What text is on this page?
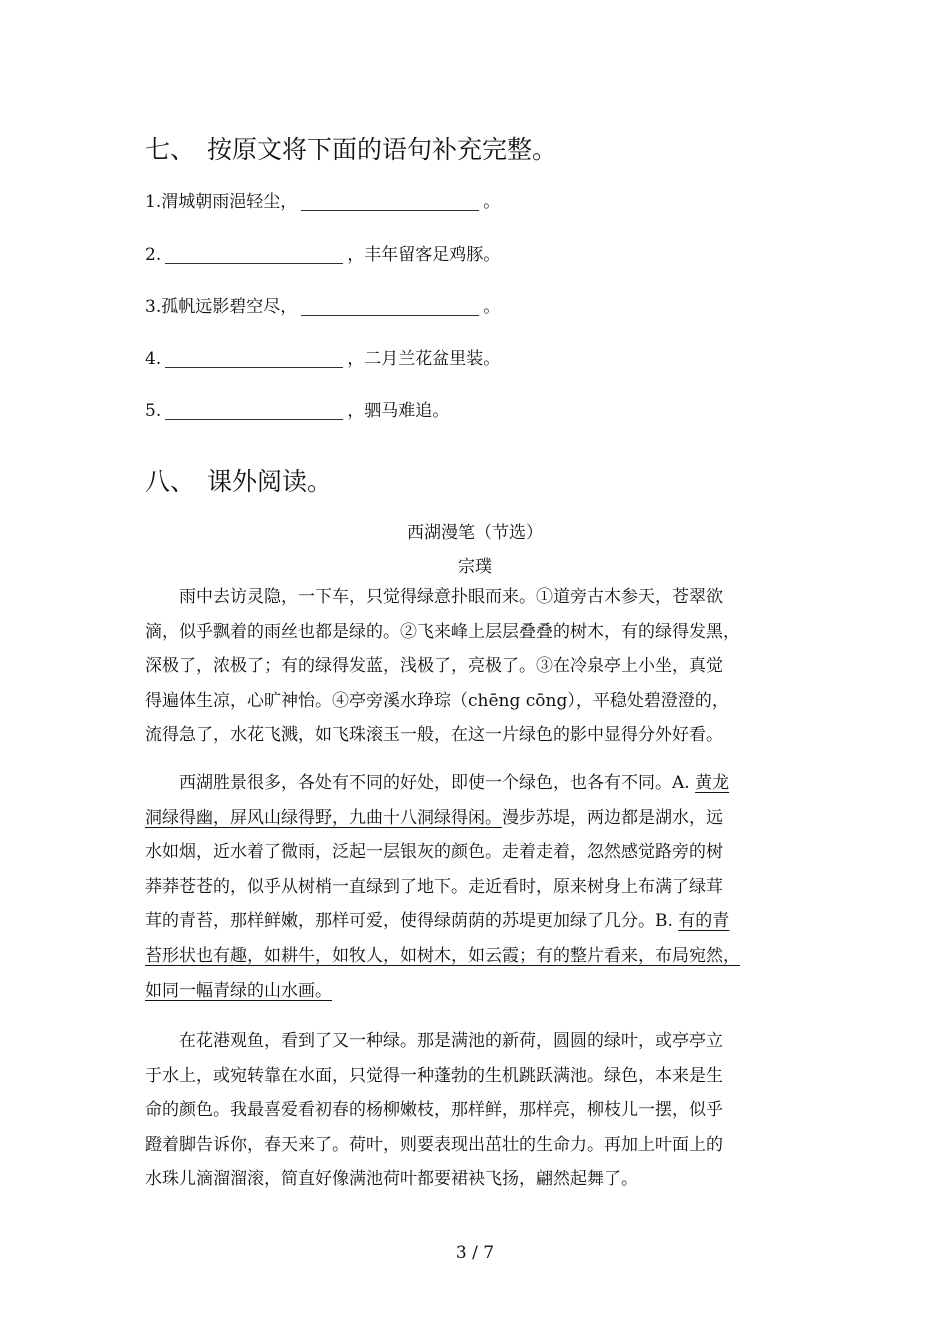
七、 按原文将下面的语句补充完整。
1.渭城朝雨浥轻尘，	。
2.	，丰年留客足鸡豚。
3.孤帆远影碧空尽，	。
4.	，二月兰花盆里装。
5.	，驷马难追。
八、 课外阅读。
西湖漫笔（节选）
宗璞
雨中去访灵隐，一下车，只觉得绿意扑眼而来。①道旁古木参天，苍翠欲
滴，似乎飘着的雨丝也都是绿的。②飞来峰上层层叠叠的树木，有的绿得发黑，
深极了，浓极了；有的绿得发蓝，浅极了，亮极了。③在冷泉亭上小坐，真觉
得遍体生凉，心旷神怡。④亭旁溪水琤琮（chēng cōng），平稳处碧澄澄的，
流得急了，水花飞溅，如飞珠滚玉一般，在这一片绿色的影中显得分外好看。
西湖胜景很多，各处有不同的好处，即使一个绿色，也各有不同。A. 黄龙
洞绿得幽，屏风山绿得野，九曲十八洞绿得闲。漫步苏堤，两边都是湖水，远
水如烟，近水着了微雨，泛起一层银灰的颜色。走着走着，忽然感觉路旁的树
莽莽苍苍的，似乎从树梢一直绿到了地下。走近看时，原来树身上布满了绿茸
茸的青苔，那样鲜嫩，那样可爱，使得绿荫荫的苏堤更加绿了几分。B. 有的青
苔形状也有趣，如耕牛，如牧人，如树木，如云霞；有的整片看来，布局宛然，
如同一幅青绿的山水画。
在花港观鱼，看到了又一种绿。那是满池的新荷，圆圆的绿叶，或亭亭立
于水上，或宛转靠在水面，只觉得一种蓬勃的生机跳跃满池。绿色，本来是生
命的颜色。我最喜爱看初春的杨柳嫩枝，那样鲜，那样亮，柳枝儿一摆，似乎
蹬着脚告诉你，春天来了。荷叶，则要表现出茁壮的生命力。再加上叶面上的
水珠儿滴溜溜滚，简直好像满池荷叶都要裙袂飞扬，翩然起舞了。
3 / 7
